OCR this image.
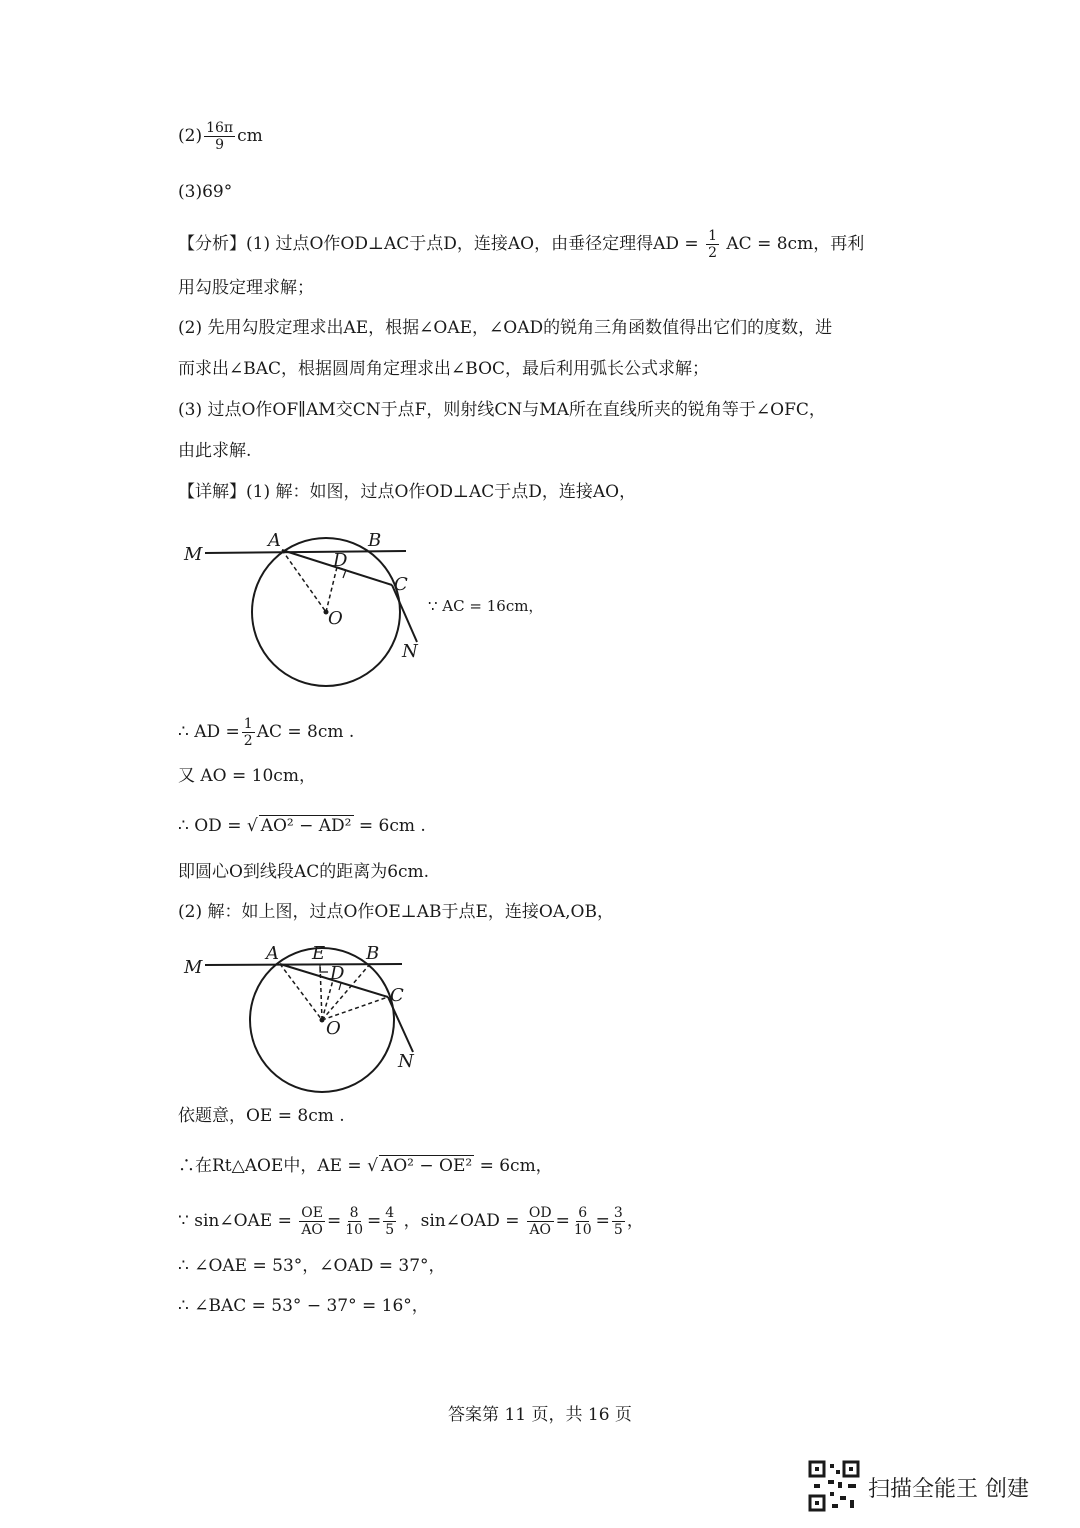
$(2) \frac{16\pi}{9}$ cm
(3)69°
【分析】(1) 过点O作OD⊥AC于点D，连接AO，由垂径定理得AD = $\frac{1}{2}$ AC = 8cm，再利
用勾股定理求解；
(2) 先用勾股定理求出AE，根据∠OAE，∠OAD的锐角三角函数值得出它们的度数，进
而求出∠BAC，根据圆周角定理求出∠BOC，最后利用弧长公式求解；
(3) 过点O作OF∥AM交CN于点F，则射线CN与MA所在直线所夹的锐角等于∠OFC，
由此求解.
【详解】(1) 解：如图，过点O作OD⊥AC于点D，连接AO，
M
A	B
D
C
O
N
∵ AC = 16cm，
∴ AD = $\frac{1}{2}$ AC = 8cm .
又 AO = 10cm，
∴ OD = √ AO² − AD² = 6cm .
即圆心O到线段AC的距离为6cm.
(2) 解：如上图，过点O作OE⊥AB于点E，连接OA,OB，
M
A E B
D
C
O
N
依题意，OE = 8cm .
∴在Rt△AOE中，AE = √ AO² − OE² = 6cm，
∵ sin∠OAE = $\frac{OE}{AO} = \frac{8}{10} = \frac{4}{5}$ ，sin∠OAD = $\frac{OD}{AO} = \frac{6}{10} = \frac{3}{5}$ ，
∴ ∠OAE = 53°，∠OAD = 37°，
∴ ∠BAC = 53° − 37° = 16°，
答案第 11 页，共 16 页
扫描全能王 创建
